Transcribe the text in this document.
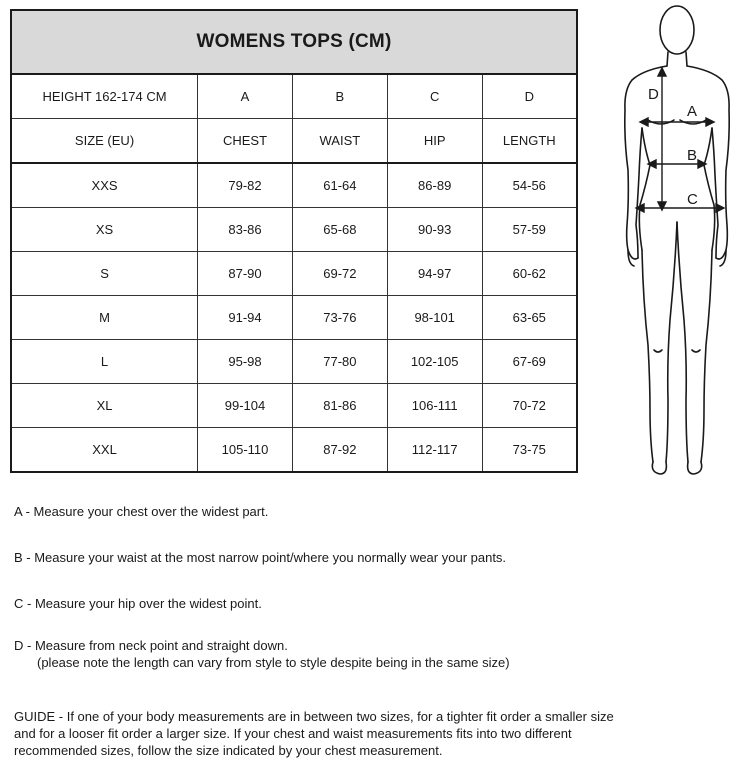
WOMENS TOPS (CM)				
HEIGHT 162-174 CM	A	B	C	D
SIZE (EU)	CHEST	WAIST	HIP	LENGTH
XXS	79-82	61-64	86-89	54-56
XS	83-86	65-68	90-93	57-59
S	87-90	69-72	94-97	60-62
M	91-94	73-76	98-101	63-65
L	95-98	77-80	102-105	67-69
XL	99-104	81-86	106-111	70-72
XXL	105-110	87-92	112-117	73-75
D
A
B
C
A - Measure your chest over the widest part.
B - Measure your waist at the most narrow point/where you normally wear your pants.
C - Measure your hip over the widest point.
D - Measure from neck point and straight down.
(please note the length can vary from style to style despite being in the same size)
GUIDE - If one of your body measurements are in between two sizes, for a tighter fit order a smaller size
and for a looser fit order a larger size. If your chest and waist measurements fits into two different
recommended sizes, follow the size indicated by your chest measurement.
